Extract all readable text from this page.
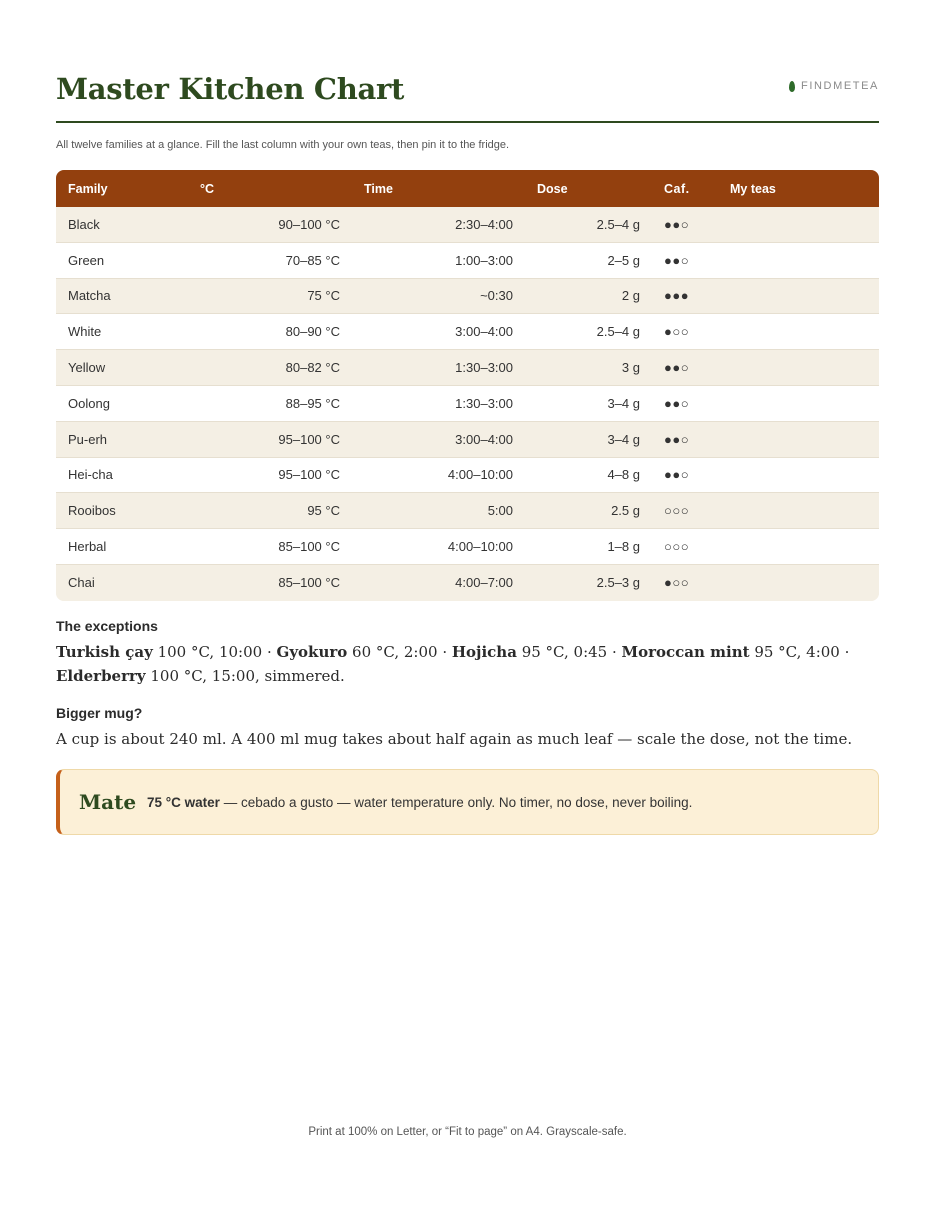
Master Kitchen Chart	FINDMETEA
All twelve families at a glance. Fill the last column with your own teas, then pin it to the fridge.
Family	°C	Time	Dose	Caf.	My teas
Black	90–100 °C	2:30–4:00	2.5–4 g	●●○
Green	70–85 °C	1:00–3:00	2–5 g	●●○
Matcha	75 °C	~0:30	2 g	●●●
White	80–90 °C	3:00–4:00	2.5–4 g	●○○
Yellow	80–82 °C	1:30–3:00	3 g	●●○
Oolong	88–95 °C	1:30–3:00	3–4 g	●●○
Pu-erh	95–100 °C	3:00–4:00	3–4 g	●●○
Hei-cha	95–100 °C	4:00–10:00	4–8 g	●●○
Rooibos	95 °C	5:00	2.5 g	○○○
Herbal	85–100 °C	4:00–10:00	1–8 g	○○○
Chai	85–100 °C	4:00–7:00	2.5–3 g	●○○
The exceptions
Turkish çay 100 °C, 10:00 · Gyokuro 60 °C, 2:00 · Hojicha 95 °C, 0:45 · Moroccan mint 95 °C, 4:00 · Elderberry 100 °C, 15:00, simmered.
Bigger mug?
A cup is about 240 ml. A 400 ml mug takes about half again as much leaf — scale the dose, not the time.
Mate 75 °C water — cebado a gusto — water temperature only. No timer, no dose, never boiling.
Print at 100% on Letter, or “Fit to page” on A4. Grayscale-safe.
